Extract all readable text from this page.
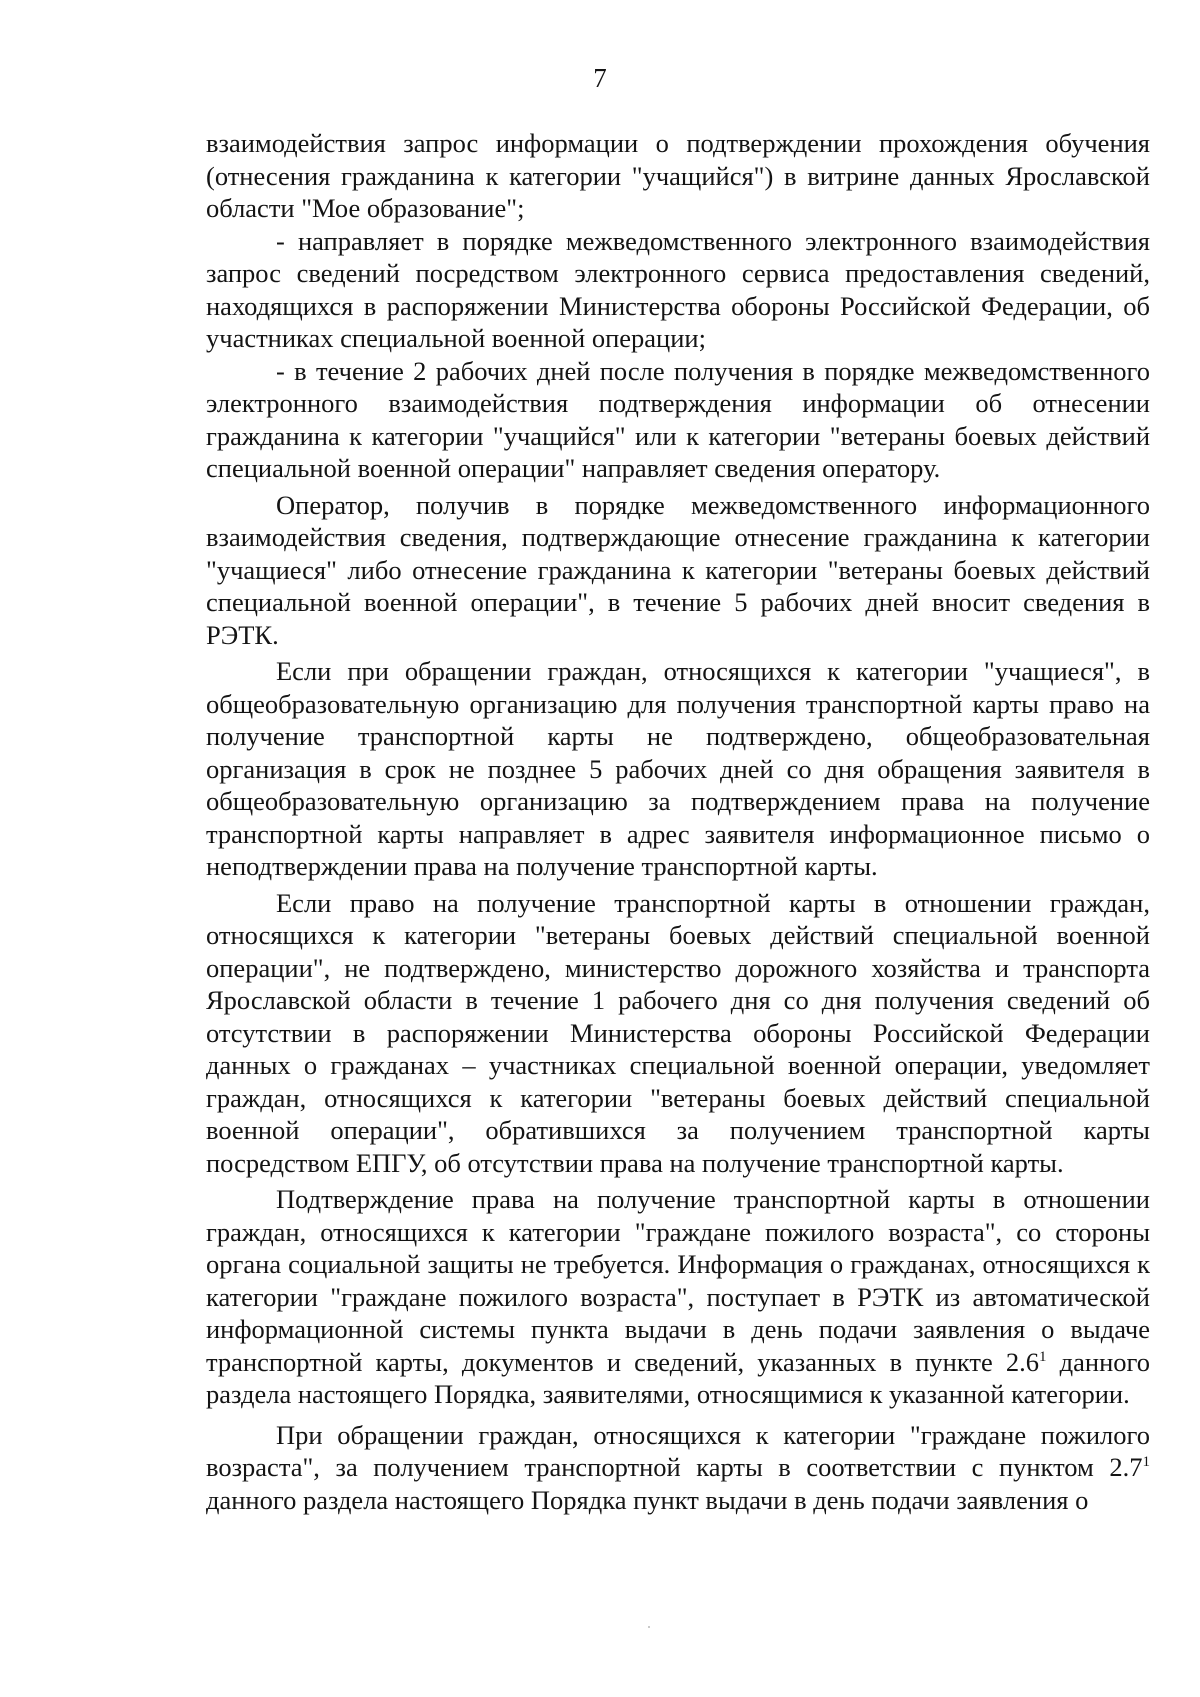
7

взаимодействия запрос информации о подтверждении прохождения обучения (отнесения гражданина к категории "учащийся") в витрине данных Ярославской области "Мое образование";

- направляет в порядке межведомственного электронного взаимодействия запрос сведений посредством электронного сервиса предоставления сведений, находящихся в распоряжении Министерства обороны Российской Федерации, об участниках специальной военной операции;

- в течение 2 рабочих дней после получения в порядке межведомственного электронного взаимодействия подтверждения информации об отнесении гражданина к категории "учащийся" или к категории "ветераны боевых действий специальной военной операции" направляет сведения оператору.

Оператор, получив в порядке межведомственного информационного взаимодействия сведения, подтверждающие отнесение гражданина к категории "учащиеся" либо отнесение гражданина к категории "ветераны боевых действий специальной военной операции", в течение 5 рабочих дней вносит сведения в РЭТК.

Если при обращении граждан, относящихся к категории "учащиеся", в общеобразовательную организацию для получения транспортной карты право на получение транспортной карты не подтверждено, общеобразовательная организация в срок не позднее 5 рабочих дней со дня обращения заявителя в общеобразовательную организацию за подтверждением права на получение транспортной карты направляет в адрес заявителя информационное письмо о неподтверждении права на получение транспортной карты.

Если право на получение транспортной карты в отношении граждан, относящихся к категории "ветераны боевых действий специальной военной операции", не подтверждено, министерство дорожного хозяйства и транспорта Ярославской области в течение 1 рабочего дня со дня получения сведений об отсутствии в распоряжении Министерства обороны Российской Федерации данных о гражданах – участниках специальной военной операции, уведомляет граждан, относящихся к категории "ветераны боевых действий специальной военной операции", обратившихся за получением транспортной карты посредством ЕПГУ, об отсутствии права на получение транспортной карты.

Подтверждение права на получение транспортной карты в отношении граждан, относящихся к категории "граждане пожилого возраста", со стороны органа социальной защиты не требуется. Информация о гражданах, относящихся к категории "граждане пожилого возраста", поступает в РЭТК из автоматической информационной системы пункта выдачи в день подачи заявления о выдаче транспортной карты, документов и сведений, указанных в пункте $2.6^1$ данного раздела настоящего Порядка, заявителями, относящимися к указанной категории.

При обращении граждан, относящихся к категории "граждане пожилого возраста", за получением транспортной карты в соответствии с пунктом $2.7^1$ данного раздела настоящего Порядка пункт выдачи в день подачи заявления о
